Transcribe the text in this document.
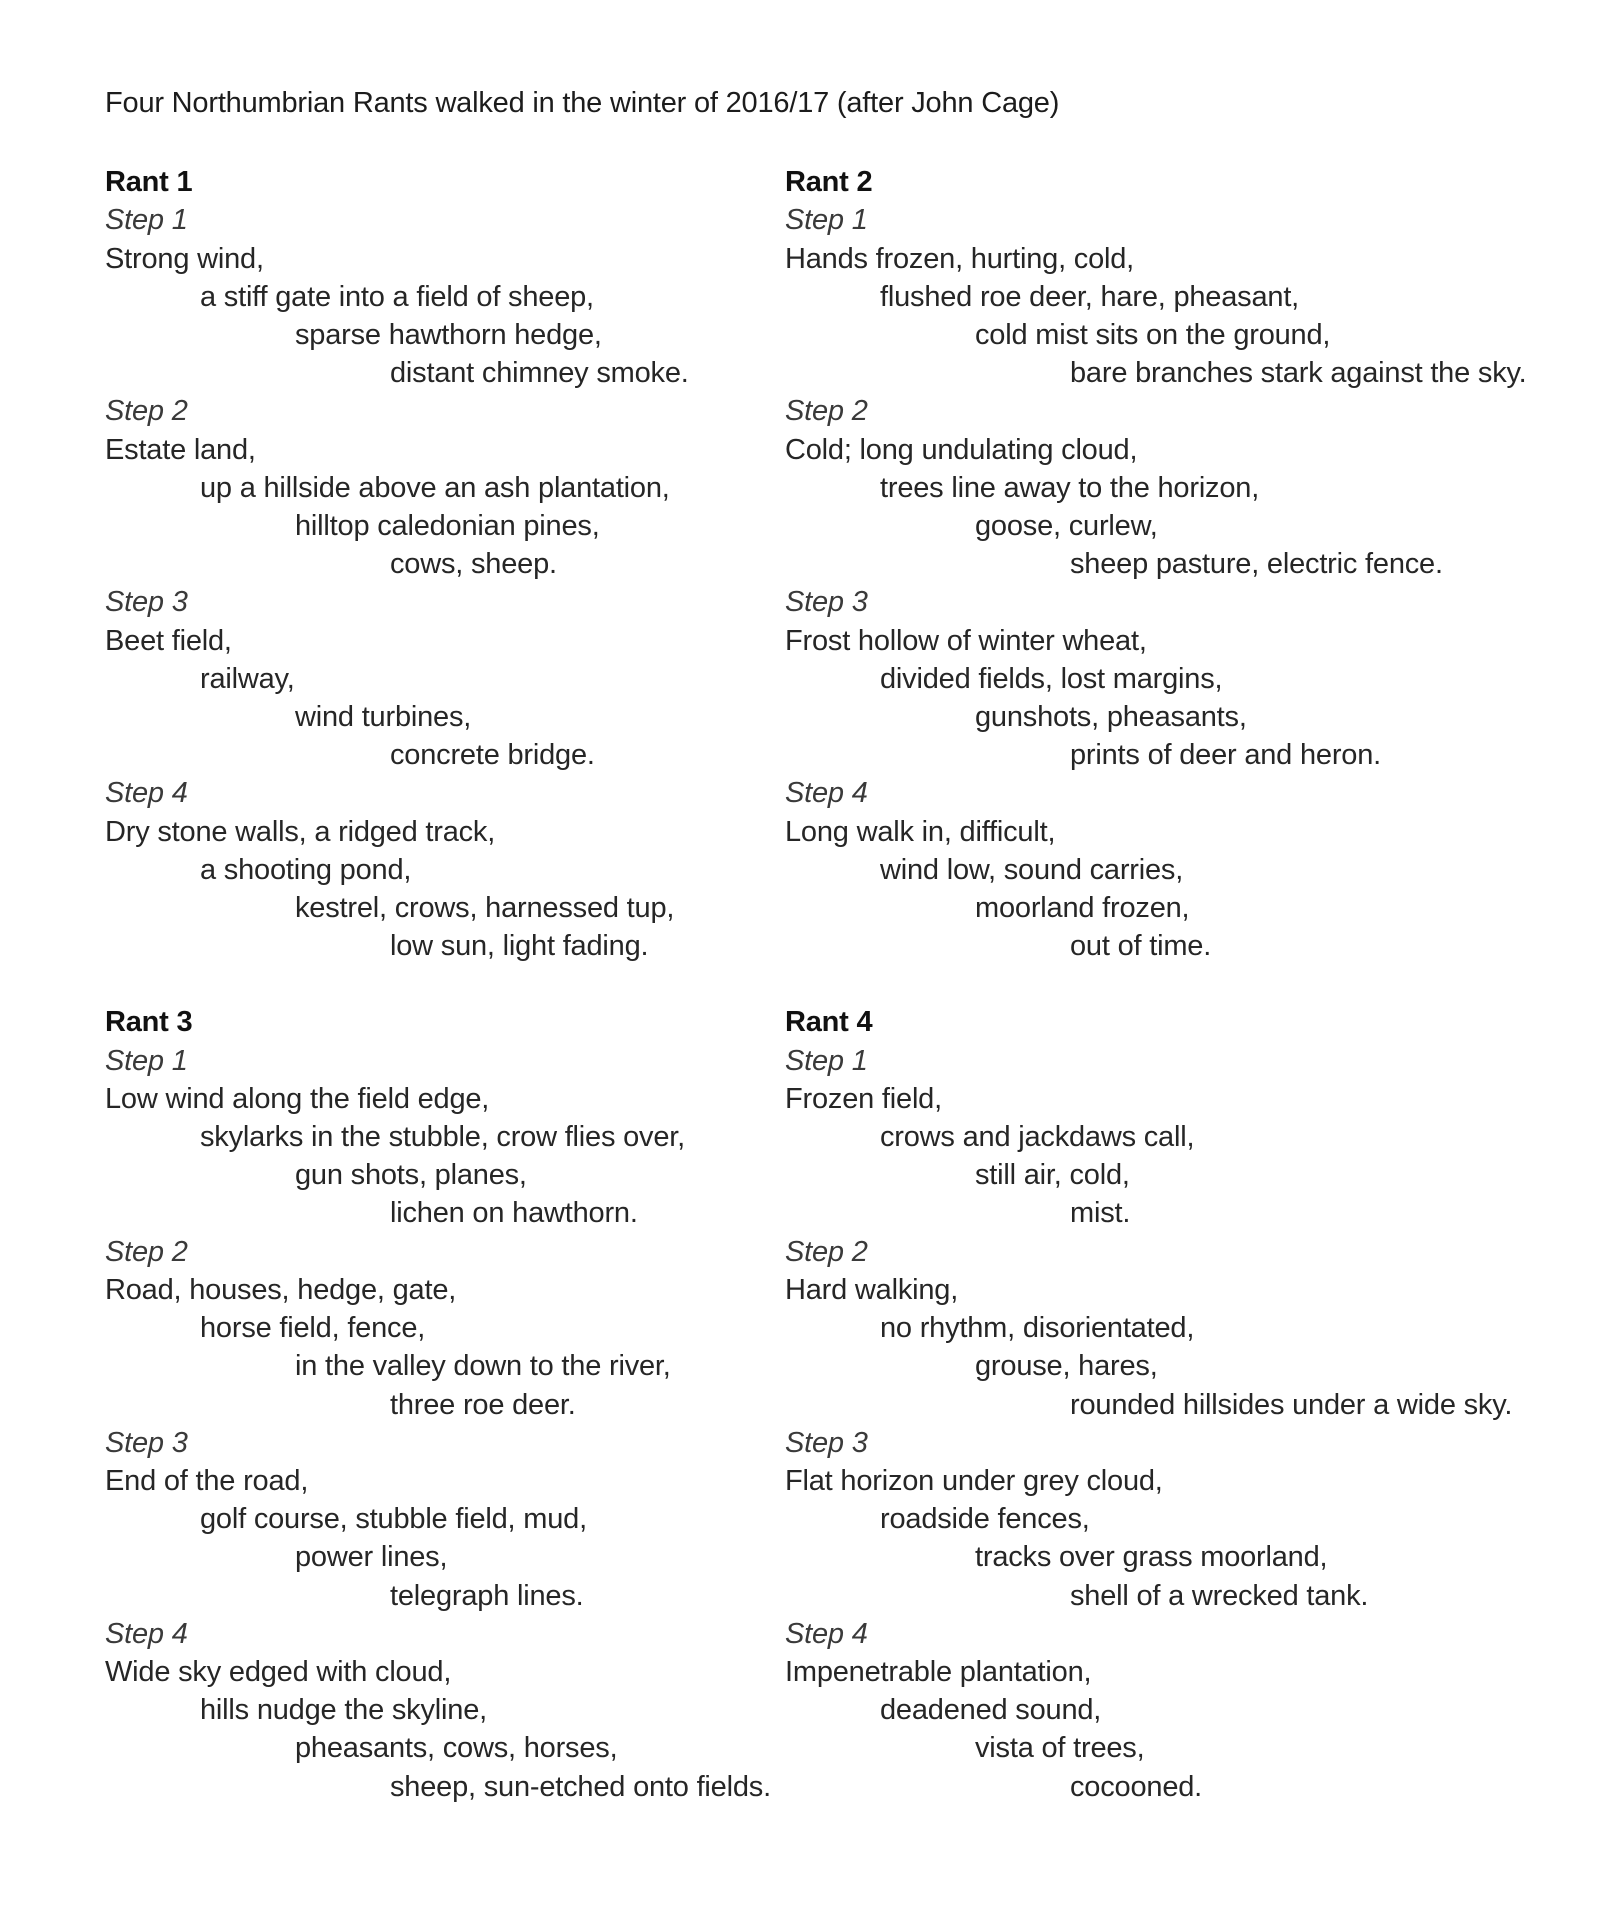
Four Northumbrian Rants walked in the winter of 2016/17 (after John Cage)
Rant 1
Step 1
Strong wind,
a stiff gate into a field of sheep,
sparse hawthorn hedge,
distant chimney smoke.
Step 2
Estate land,
up a hillside above an ash plantation,
hilltop caledonian pines,
cows, sheep.
Step 3
Beet field,
railway,
wind turbines,
concrete bridge.
Step 4
Dry stone walls, a ridged track,
a shooting pond,
kestrel, crows, harnessed tup,
low sun, light fading.
Rant 2
Step 1
Hands frozen, hurting, cold,
flushed roe deer, hare, pheasant,
cold mist sits on the ground,
bare branches stark against the sky.
Step 2
Cold; long undulating cloud,
trees line away to the horizon,
goose, curlew,
sheep pasture, electric fence.
Step 3
Frost hollow of winter wheat,
divided fields, lost margins,
gunshots, pheasants,
prints of deer and heron.
Step 4
Long walk in, difficult,
wind low, sound carries,
moorland frozen,
out of time.
Rant 3
Step 1
Low wind along the field edge,
skylarks in the stubble, crow flies over,
gun shots, planes,
lichen on hawthorn.
Step 2
Road, houses, hedge, gate,
horse field, fence,
in the valley down to the river,
three roe deer.
Step 3
End of the road,
golf course, stubble field, mud,
power lines,
telegraph lines.
Step 4
Wide sky edged with cloud,
hills nudge the skyline,
pheasants, cows, horses,
sheep, sun-etched onto fields.
Rant 4
Step 1
Frozen field,
crows and jackdaws call,
still air, cold,
mist.
Step 2
Hard walking,
no rhythm, disorientated,
grouse, hares,
rounded hillsides under a wide sky.
Step 3
Flat horizon under grey cloud,
roadside fences,
tracks over grass moorland,
shell of a wrecked tank.
Step 4
Impenetrable plantation,
deadened sound,
vista of trees,
cocooned.
